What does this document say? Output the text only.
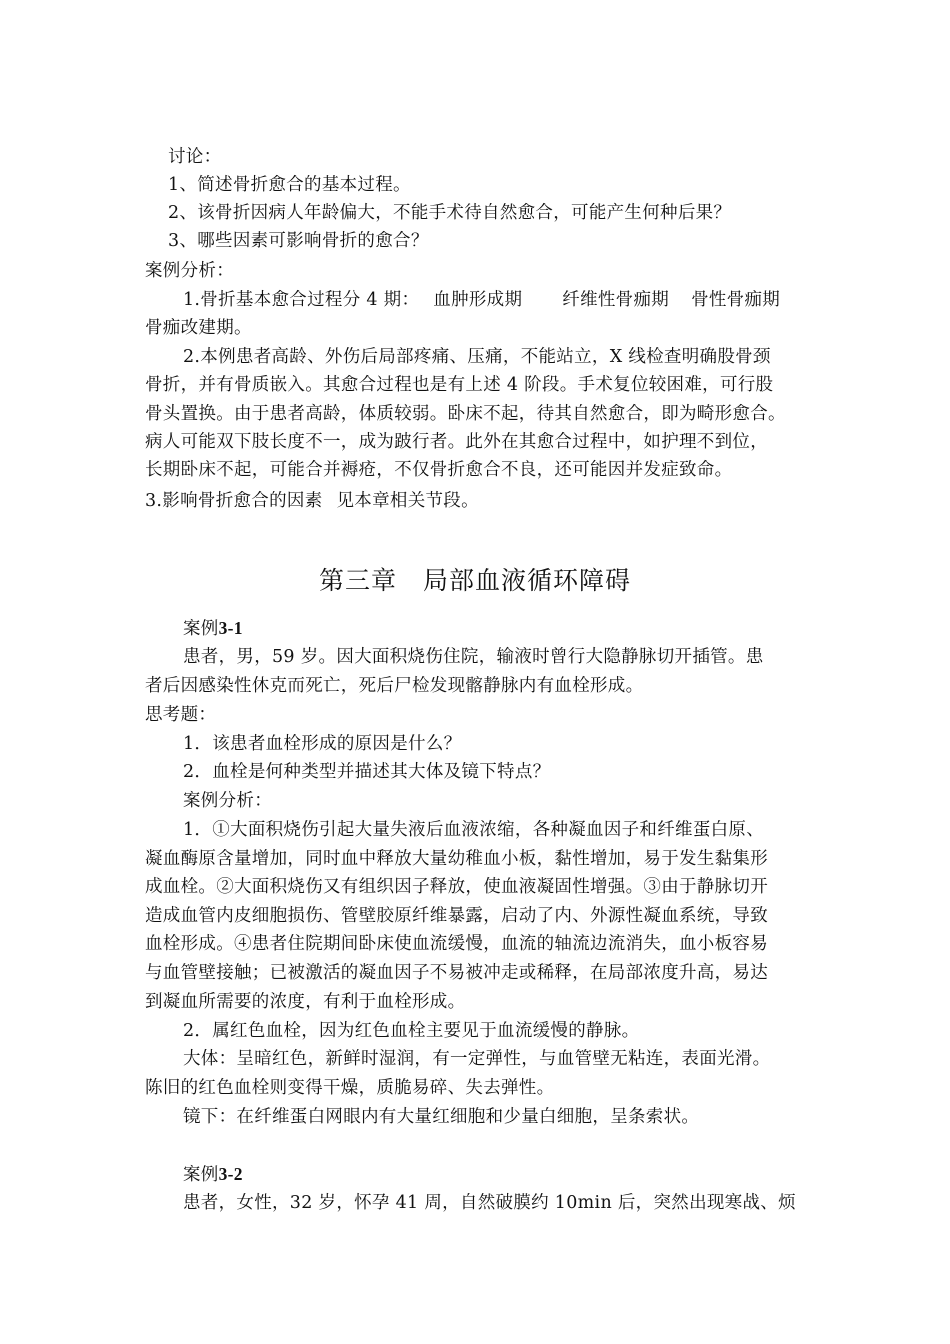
讨论：
1、简述骨折愈合的基本过程。
2、该骨折因病人年龄偏大，不能手术待自然愈合，可能产生何种后果？
3、哪些因素可影响骨折的愈合？
案例分析：
1.骨折基本愈合过程分 4 期： 血肿形成期 纤维性骨痂期 骨性骨痂期
骨痂改建期。
2.本例患者高龄、外伤后局部疼痛、压痛，不能站立，X 线检查明确股骨颈
骨折，并有骨质嵌入。其愈合过程也是有上述 4 阶段。手术复位较困难，可行股
骨头置换。由于患者高龄，体质较弱。卧床不起，待其自然愈合，即为畸形愈合。
病人可能双下肢长度不一，成为跛行者。此外在其愈合过程中，如护理不到位，
长期卧床不起，可能合并褥疮，不仅骨折愈合不良，还可能因并发症致命。
3.影响骨折愈合的因素 见本章相关节段。
第三章 局部血液循环障碍
案例3-1
患者，男，59 岁。因大面积烧伤住院，输液时曾行大隐静脉切开插管。患
者后因感染性休克而死亡，死后尸检发现髂静脉内有血栓形成。
思考题：
1．该患者血栓形成的原因是什么？
2．血栓是何种类型并描述其大体及镜下特点？
案例分析：
1．①大面积烧伤引起大量失液后血液浓缩，各种凝血因子和纤维蛋白原、
凝血酶原含量增加，同时血中释放大量幼稚血小板，黏性增加，易于发生黏集形
成血栓。②大面积烧伤又有组织因子释放，使血液凝固性增强。③由于静脉切开
造成血管内皮细胞损伤、管壁胶原纤维暴露，启动了内、外源性凝血系统，导致
血栓形成。④患者住院期间卧床使血流缓慢，血流的轴流边流消失，血小板容易
与血管壁接触；已被激活的凝血因子不易被冲走或稀释，在局部浓度升高，易达
到凝血所需要的浓度，有利于血栓形成。
2．属红色血栓，因为红色血栓主要见于血流缓慢的静脉。
大体：呈暗红色，新鲜时湿润，有一定弹性，与血管壁无粘连，表面光滑。
陈旧的红色血栓则变得干燥，质脆易碎、失去弹性。
镜下：在纤维蛋白网眼内有大量红细胞和少量白细胞，呈条索状。
案例3-2
患者，女性，32 岁，怀孕 41 周，自然破膜约 10min 后，突然出现寒战、烦
